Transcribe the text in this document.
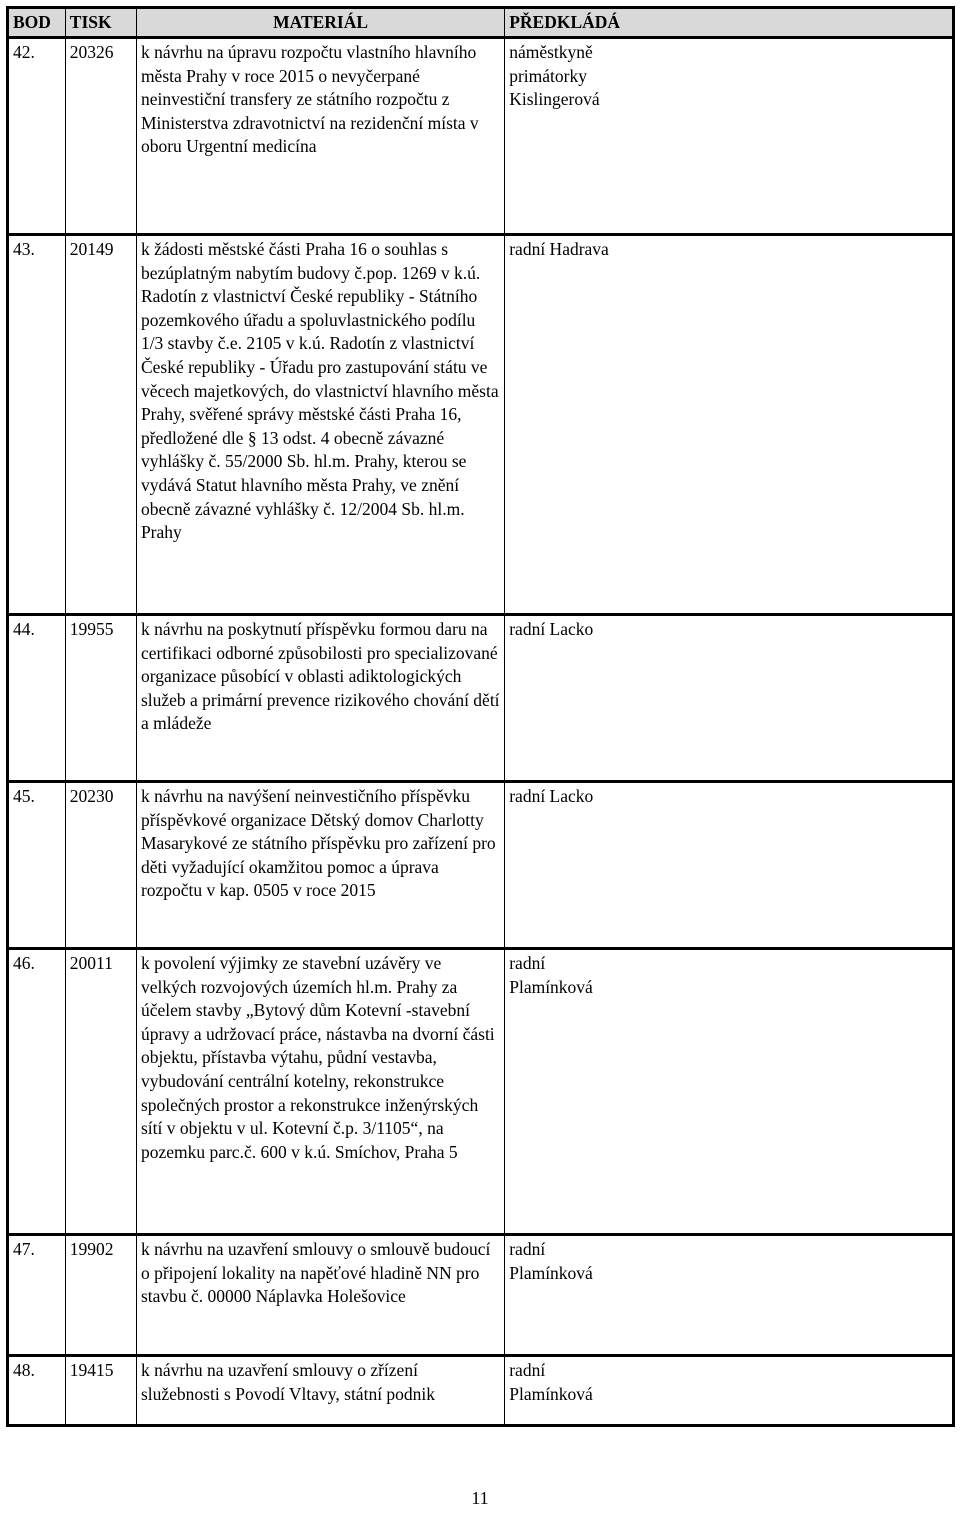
BOD	TISK	MATERIÁL	PŘEDKLÁDÁ
42.	20326	k návrhu na úpravu rozpočtu vlastního hlavního města Prahy v roce 2015 o nevyčerpané neinvestiční transfery ze státního rozpočtu z Ministerstva zdravotnictví na rezidenční místa v oboru Urgentní medicína	náměstkyně primátorky Kislingerová

43.	20149	k žádosti městské části Praha 16 o souhlas s bezúplatným nabytím budovy č.pop. 1269 v k.ú. Radotín z vlastnictví České republiky - Státního pozemkového úřadu a spoluvlastnického podílu 1/3 stavby č.e. 2105 v k.ú. Radotín z vlastnictví České republiky - Úřadu pro zastupování státu ve věcech majetkových, do vlastnictví hlavního města Prahy, svěřené správy městské části Praha 16, předložené dle § 13 odst. 4 obecně závazné vyhlášky č. 55/2000 Sb. hl.m. Prahy, kterou se vydává Statut hlavního města Prahy, ve znění obecně závazné vyhlášky č. 12/2004 Sb. hl.m. Prahy	radní Hadrava
44.	19955	k návrhu na poskytnutí příspěvku formou daru na certifikaci odborné způsobilosti pro specializované organizace působící v oblasti adiktologických služeb a primární prevence rizikového chování dětí a mládeže	radní Lacko
45.	20230	k návrhu na navýšení neinvestičního příspěvku příspěvkové organizace Dětský domov Charlotty Masarykové ze státního příspěvku pro zařízení pro děti vyžadující okamžitou pomoc a úprava rozpočtu v kap. 0505 v roce 2015	radní Lacko
46.	20011	k povolení výjimky ze stavební uzávěry ve velkých rozvojových územích hl.m. Prahy za účelem stavby „Bytový dům Kotevní -stavební úpravy a udržovací práce, nástavba na dvorní části objektu, přístavba výtahu, půdní vestavba, vybudování centrální kotelny, rekonstrukce společných prostor a rekonstrukce inženýrských sítí v objektu v ul. Kotevní č.p. 3/1105“, na pozemku parc.č. 600 v k.ú. Smíchov, Praha 5	radní Plamínková

47.	19902	k návrhu na uzavření smlouvy o smlouvě budoucí o připojení lokality na napěťové hladině NN pro stavbu č. 00000 Náplavka Holešovice	radní Plamínková

48.	19415	k návrhu na uzavření smlouvy o zřízení služebnosti s Povodí Vltavy, státní podnik	radní Plamínková
11
